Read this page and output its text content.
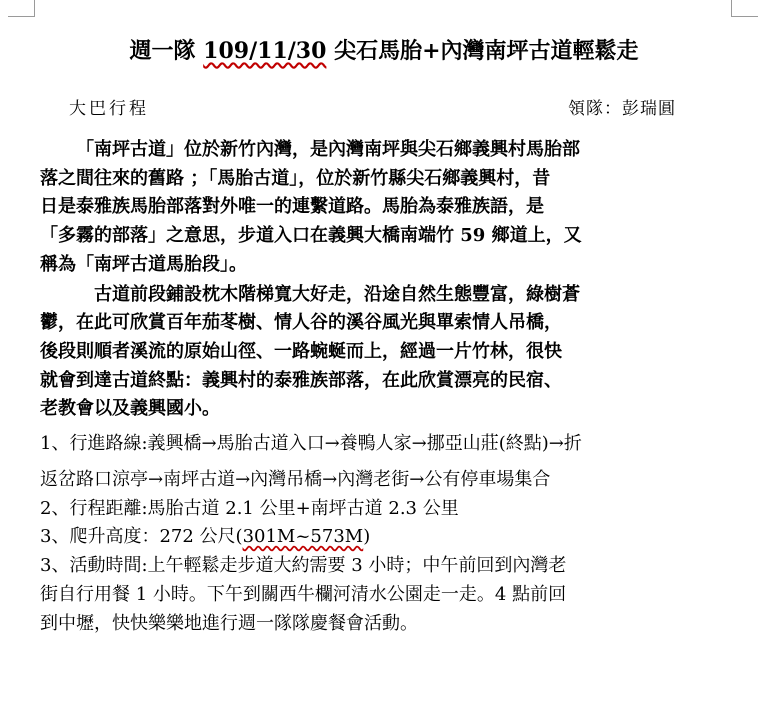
週一隊 109/11/30 尖石馬胎+內灣南坪古道輕鬆走
大巴行程	領隊：彭瑞圓
「南坪古道」位於新竹內灣，是內灣南坪與尖石鄉義興村馬胎部
落之間往來的舊路 ；「馬胎古道」，位於新竹縣尖石鄉義興村，昔
日是泰雅族馬胎部落對外唯一的連繫道路。馬胎為泰雅族語，是
「多霧的部落」之意思，步道入口在義興大橋南端竹 59 鄉道上，又
稱為「南坪古道馬胎段」。
古道前段鋪設枕木階梯寬大好走，沿途自然生態豐富，綠樹蒼
鬱，在此可欣賞百年茄苳樹、情人谷的溪谷風光與單索情人吊橋，
後段則順者溪流的原始山徑、一路蜿蜒而上，經過一片竹林，很快
就會到達古道終點：義興村的泰雅族部落，在此欣賞漂亮的民宿、
老教會以及義興國小。
1、行進路線:義興橋→馬胎古道入口→養鴨人家→挪亞山莊(終點)→折
返岔路口涼亭→南坪古道→內灣吊橋→內灣老街→公有停車場集合
2、行程距離:馬胎古道 2.1 公里+南坪古道 2.3 公里
3、爬升高度：272 公尺(301M~573M)
3、活動時間:上午輕鬆走步道大約需要 3 小時；中午前回到內灣老
街自行用餐 1 小時。下午到關西牛欄河清水公園走一走。4 點前回
到中壢，快快樂樂地進行週一隊隊慶餐會活動。
